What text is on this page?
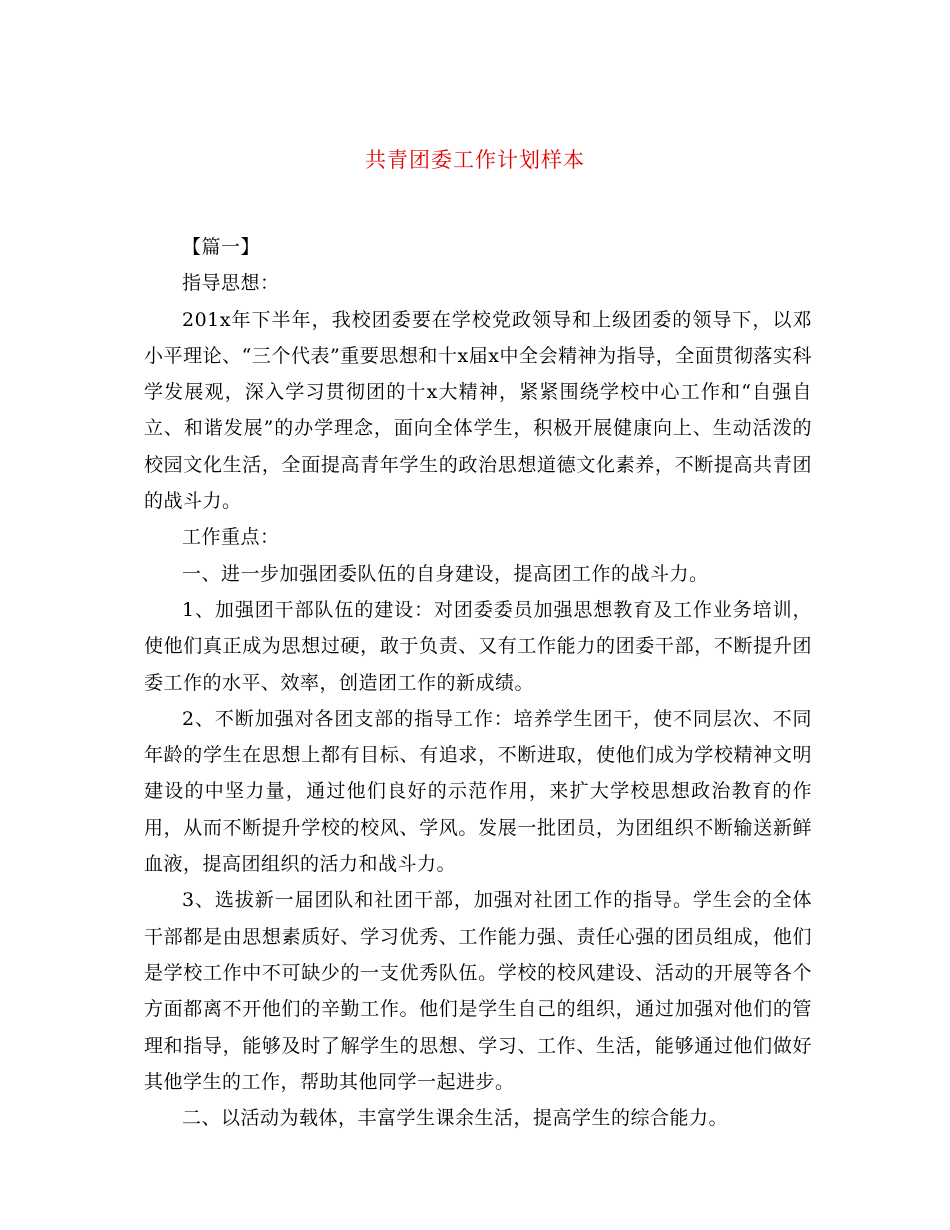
共青团委工作计划样本

【篇一】

指导思想：

201x年下半年，我校团委要在学校党政领导和上级团委的领导下，以邓小平理论、“三个代表”重要思想和十x届x中全会精神为指导，全面贯彻落实科学发展观，深入学习贯彻团的十x大精神，紧紧围绕学校中心工作和“自强自立、和谐发展”的办学理念，面向全体学生，积极开展健康向上、生动活泼的校园文化生活，全面提高青年学生的政治思想道德文化素养，不断提高共青团的战斗力。

工作重点：

一、进一步加强团委队伍的自身建设，提高团工作的战斗力。

1、加强团干部队伍的建设：对团委委员加强思想教育及工作业务培训，使他们真正成为思想过硬，敢于负责、又有工作能力的团委干部，不断提升团委工作的水平、效率，创造团工作的新成绩。

2、不断加强对各团支部的指导工作：培养学生团干，使不同层次、不同年龄的学生在思想上都有目标、有追求，不断进取，使他们成为学校精神文明建设的中坚力量，通过他们良好的示范作用，来扩大学校思想政治教育的作用，从而不断提升学校的校风、学风。发展一批团员，为团组织不断输送新鲜血液，提高团组织的活力和战斗力。

3、选拔新一届团队和社团干部，加强对社团工作的指导。学生会的全体干部都是由思想素质好、学习优秀、工作能力强、责任心强的团员组成，他们是学校工作中不可缺少的一支优秀队伍。学校的校风建设、活动的开展等各个方面都离不开他们的辛勤工作。他们是学生自己的组织，通过加强对他们的管理和指导，能够及时了解学生的思想、学习、工作、生活，能够通过他们做好其他学生的工作，帮助其他同学一起进步。

二、以活动为载体，丰富学生课余生活，提高学生的综合能力。
